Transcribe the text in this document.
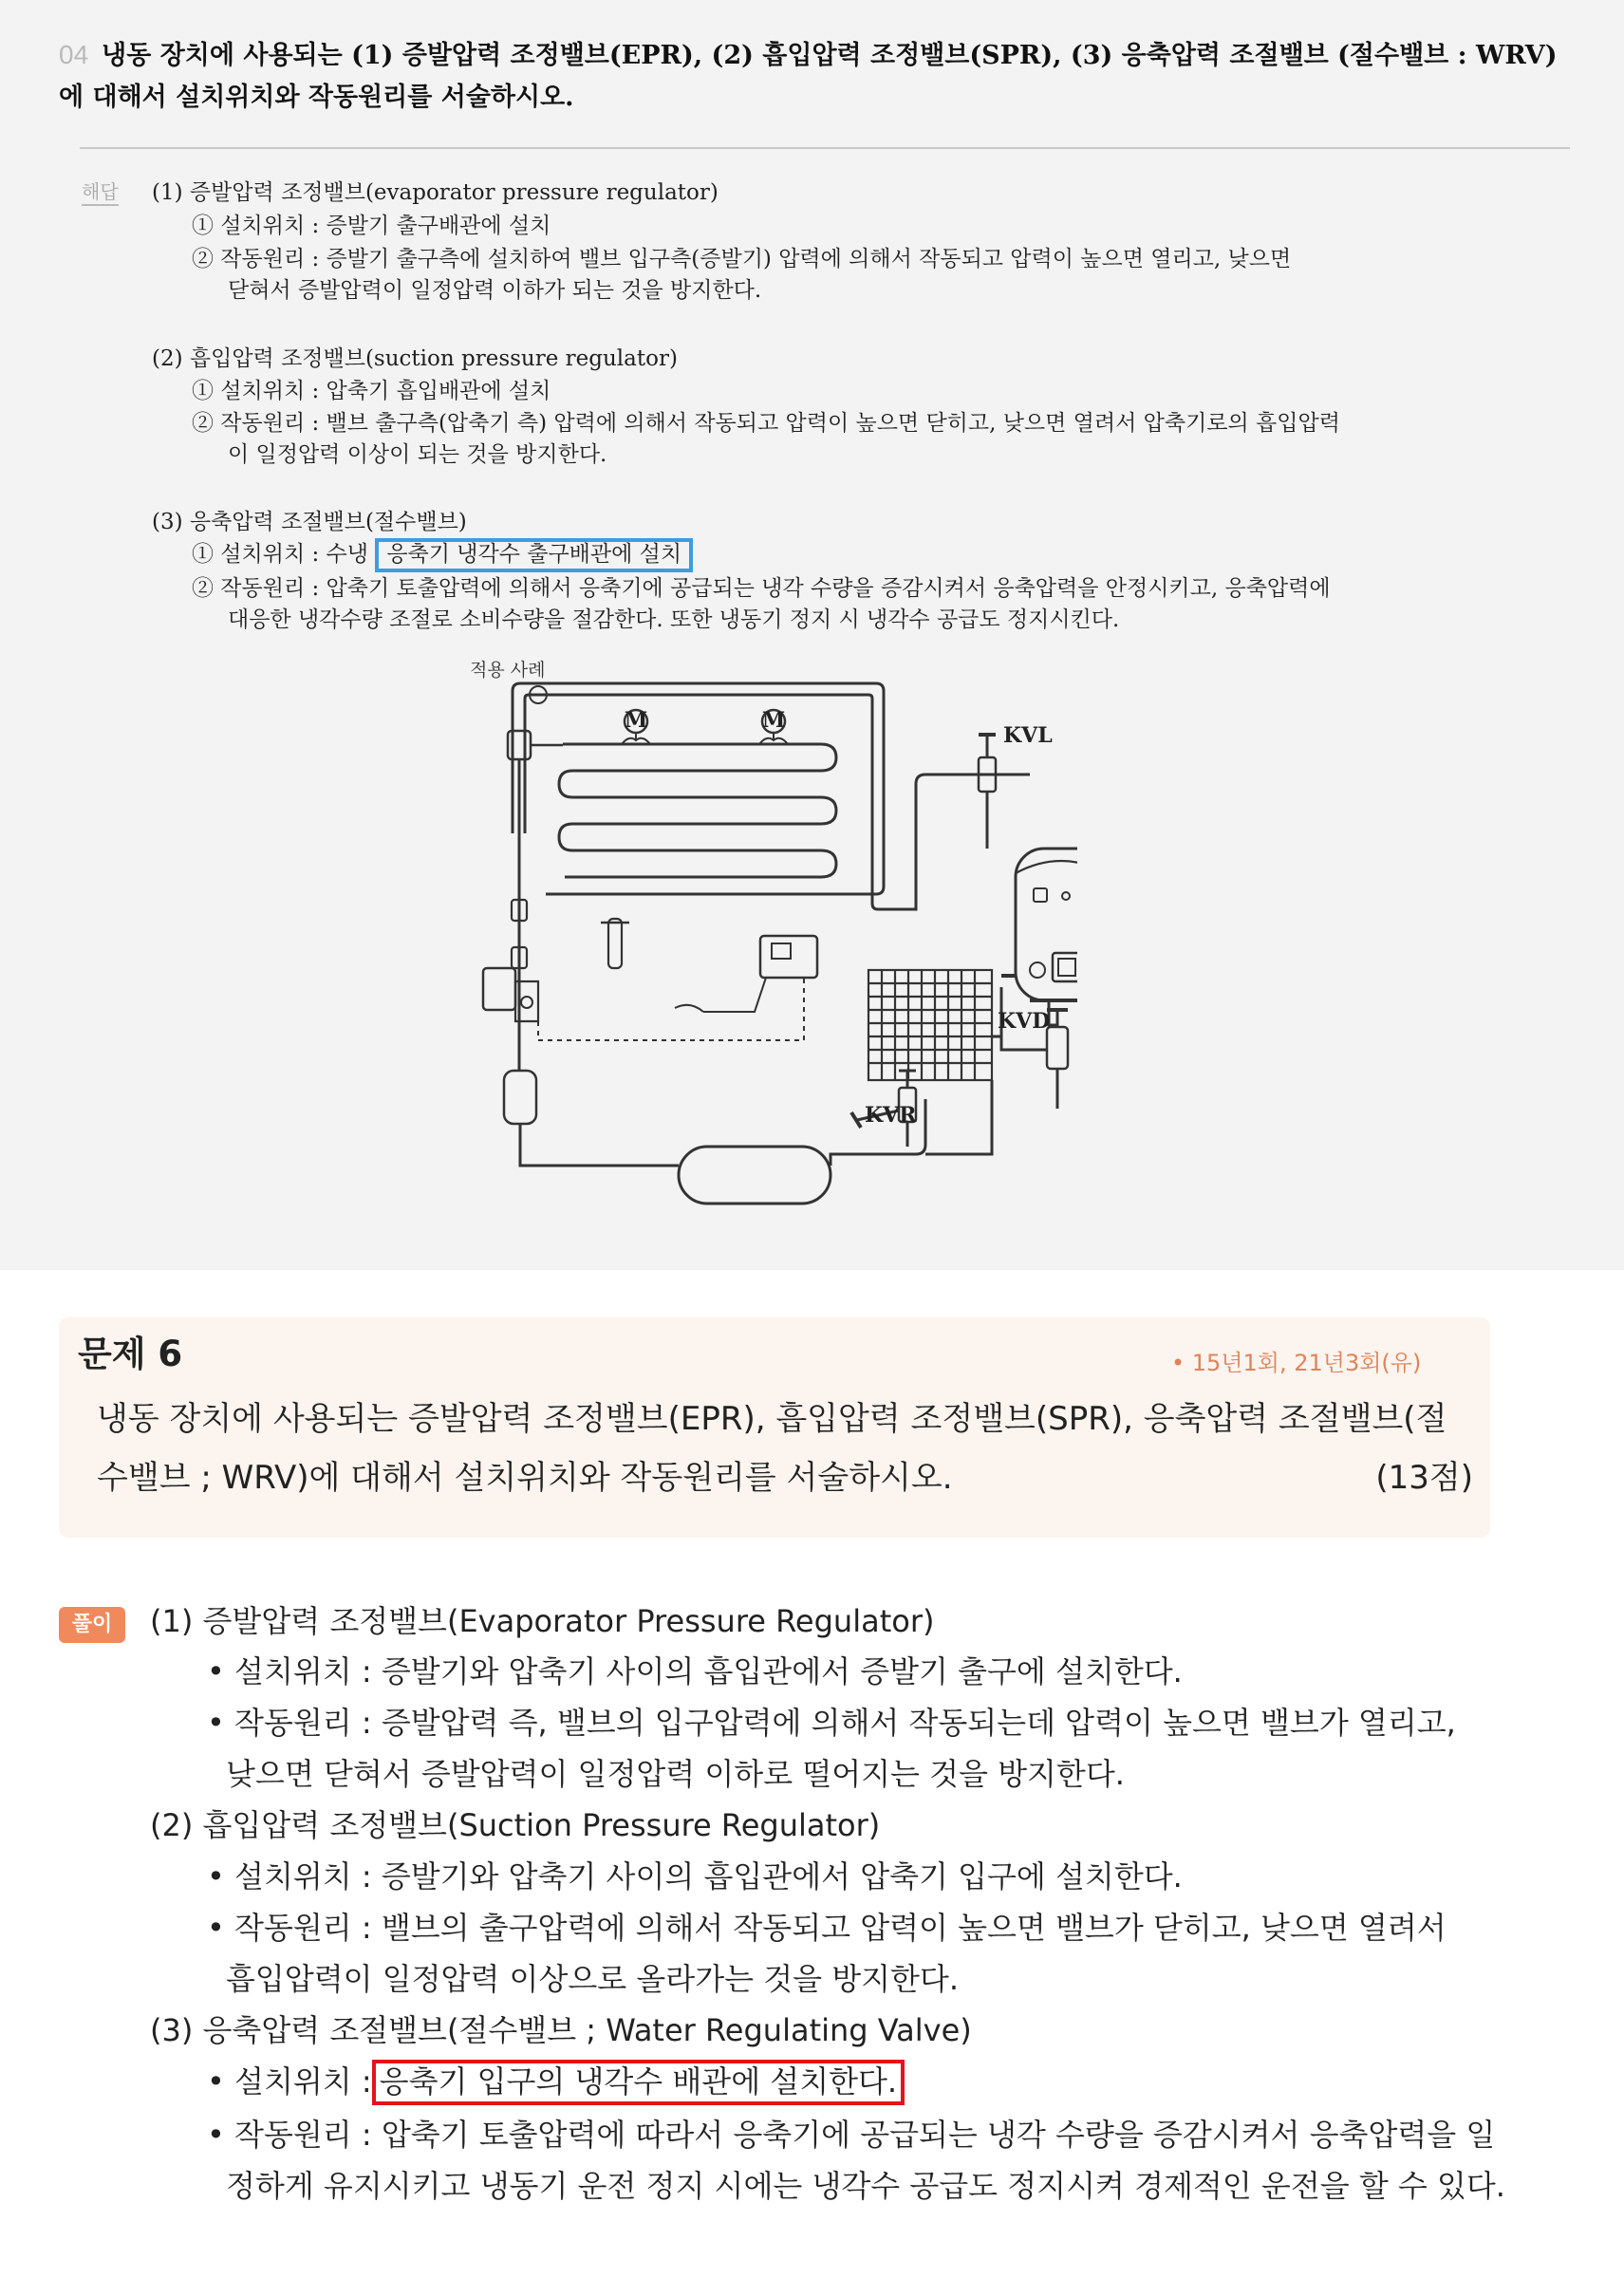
04 냉동 장치에 사용되는 (1) 증발압력 조정밸브(EPR), (2) 흡입압력 조정밸브(SPR), (3) 응축압력 조절밸브 (절수밸브 : WRV)에 대해서 설치위치와 작동원리를 서술하시오.
해답 (1) 증발압력 조정밸브(evaporator pressure regulator)
① 설치위치 : 증발기 출구배관에 설치
② 작동원리 : 증발기 출구측에 설치하여 밸브 입구측(증발기) 압력에 의해서 작동되고 압력이 높으면 열리고, 낮으면
닫혀서 증발압력이 일정압력 이하가 되는 것을 방지한다.
(2) 흡입압력 조정밸브(suction pressure regulator)
① 설치위치 : 압축기 흡입배관에 설치
② 작동원리 : 밸브 출구측(압축기 측) 압력에 의해서 작동되고 압력이 높으면 닫히고, 낮으면 열려서 압축기로의 흡입압력
이 일정압력 이상이 되는 것을 방지한다.
(3) 응축압력 조절밸브(절수밸브)
① 설치위치 : 수냉 응축기 냉각수 출구배관에 설치
② 작동원리 : 압축기 토출압력에 의해서 응축기에 공급되는 냉각 수량을 증감시켜서 응축압력을 안정시키고, 응축압력에
대응한 냉각수량 조절로 소비수량을 절감한다. 또한 냉동기 정지 시 냉각수 공급도 정지시킨다.
적용 사례
M	M
KVL
KVD
KVR
문제 6	• 15년1회, 21년3회(유)
냉동 장치에 사용되는 증발압력 조정밸브(EPR), 흡입압력 조정밸브(SPR), 응축압력 조절밸브(절수밸브 ; WRV)에 대해서 설치위치와 작동원리를 서술하시오.	(13점)
풀이	(1) 증발압력 조정밸브(Evaporator Pressure Regulator)
• 설치위치 : 증발기와 압축기 사이의 흡입관에서 증발기 출구에 설치한다.
• 작동원리 : 증발압력 즉, 밸브의 입구압력에 의해서 작동되는데 압력이 높으면 밸브가 열리고,
낮으면 닫혀서 증발압력이 일정압력 이하로 떨어지는 것을 방지한다.
(2) 흡입압력 조정밸브(Suction Pressure Regulator)
• 설치위치 : 증발기와 압축기 사이의 흡입관에서 압축기 입구에 설치한다.
• 작동원리 : 밸브의 출구압력에 의해서 작동되고 압력이 높으면 밸브가 닫히고, 낮으면 열려서
흡입압력이 일정압력 이상으로 올라가는 것을 방지한다.
(3) 응축압력 조절밸브(절수밸브 ; Water Regulating Valve)
• 설치위치 : 응축기 입구의 냉각수 배관에 설치한다.
• 작동원리 : 압축기 토출압력에 따라서 응축기에 공급되는 냉각 수량을 증감시켜서 응축압력을 일
정하게 유지시키고 냉동기 운전 정지 시에는 냉각수 공급도 정지시켜 경제적인 운전을 할 수 있다.
